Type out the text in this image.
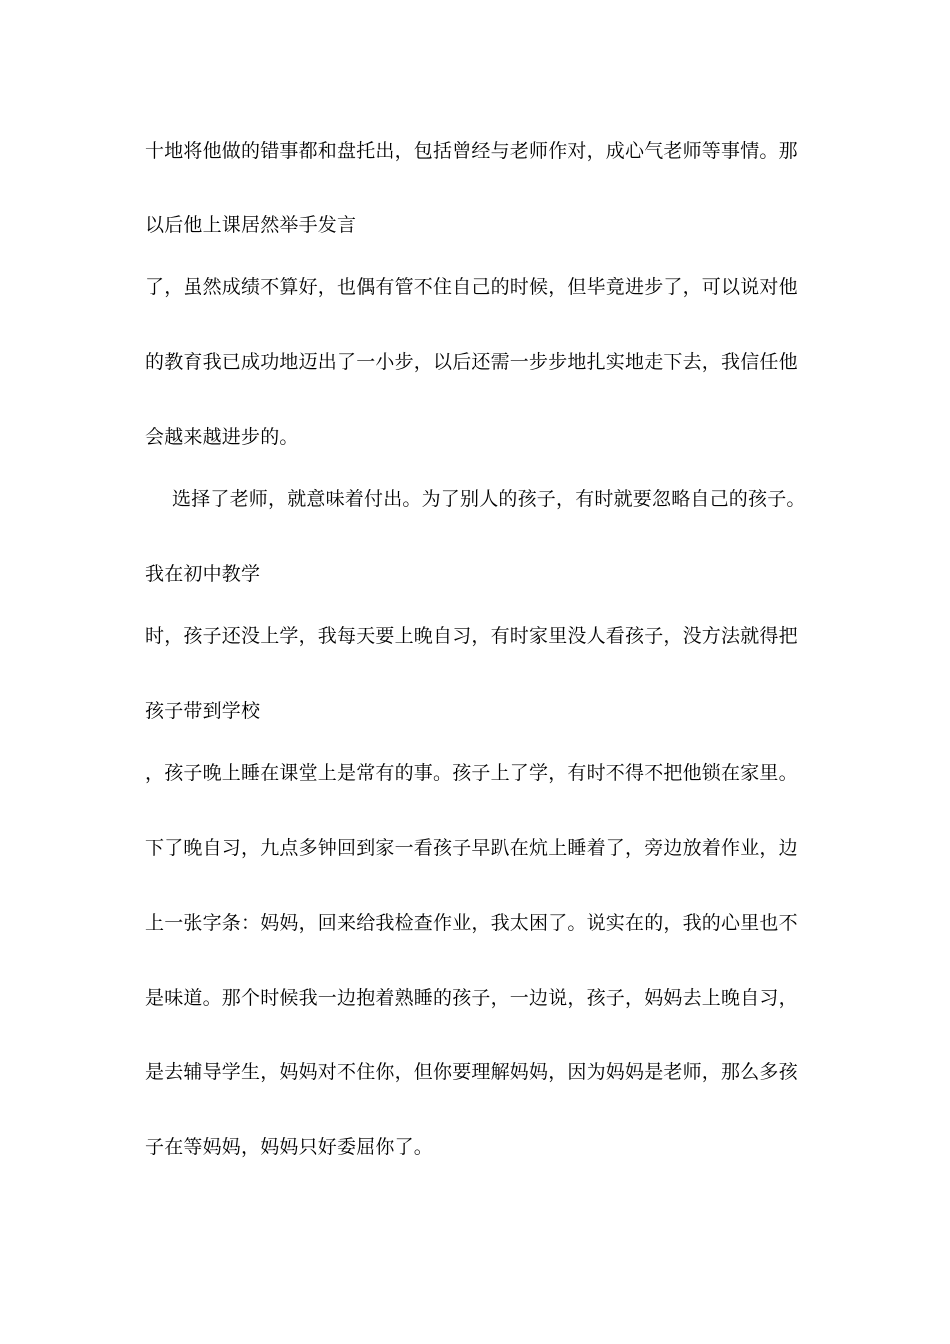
十地将他做的错事都和盘托出，包括曾经与老师作对，成心气老师等事情。那
以后他上课居然举手发言
了，虽然成绩不算好，也偶有管不住自己的时候，但毕竟进步了，可以说对他
的教育我已成功地迈出了一小步，以后还需一步步地扎实地走下去，我信任他
会越来越进步的。
选择了老师，就意味着付出。为了别人的孩子，有时就要忽略自己的孩子。
我在初中教学
时，孩子还没上学，我每天要上晚自习，有时家里没人看孩子，没方法就得把
孩子带到学校
，孩子晚上睡在课堂上是常有的事。孩子上了学，有时不得不把他锁在家里。
下了晚自习，九点多钟回到家一看孩子早趴在炕上睡着了，旁边放着作业，边
上一张字条：妈妈，回来给我检查作业，我太困了。说实在的，我的心里也不
是味道。那个时候我一边抱着熟睡的孩子，一边说，孩子，妈妈去上晚自习，
是去辅导学生，妈妈对不住你，但你要理解妈妈，因为妈妈是老师，那么多孩
子在等妈妈，妈妈只好委屈你了。
